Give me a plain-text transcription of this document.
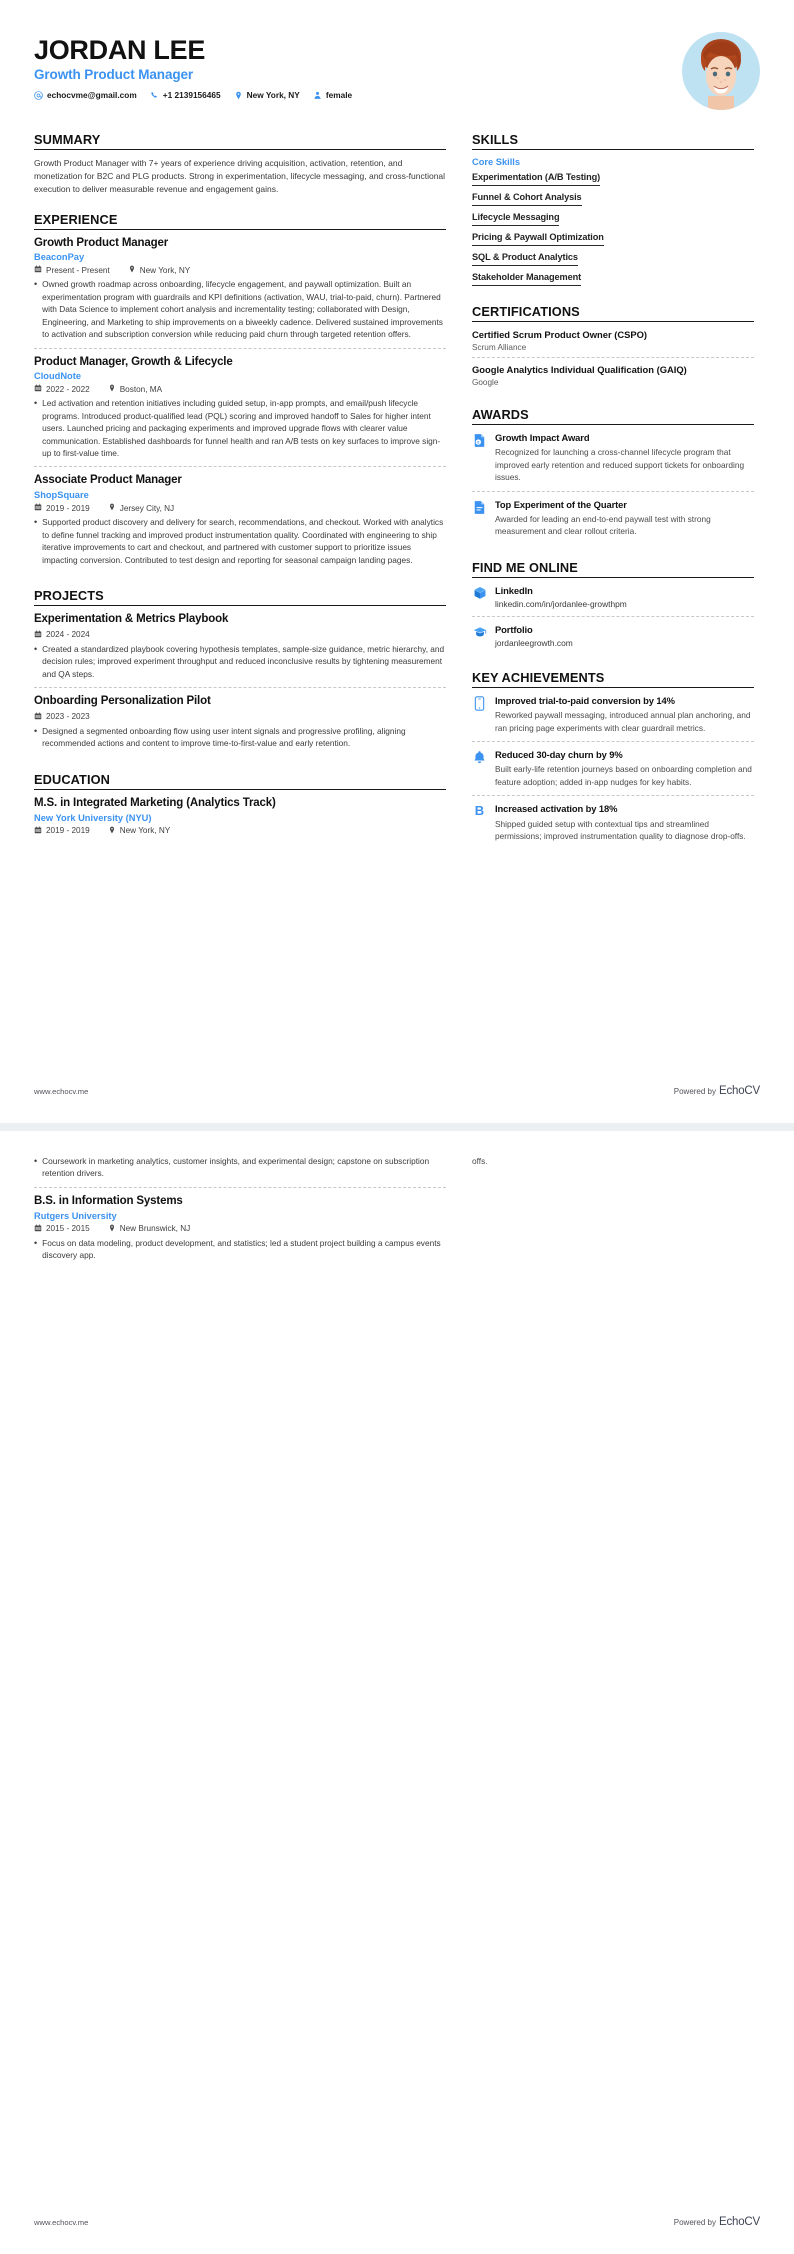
JORDAN LEE
Growth Product Manager
echocvme@gmail.com	+1 2139156465	New York, NY	female
SUMMARY
Growth Product Manager with 7+ years of experience driving acquisition, activation, retention, and monetization for B2C and PLG products. Strong in experimentation, lifecycle messaging, and cross-functional execution to deliver measurable revenue and engagement gains.
EXPERIENCE
Growth Product Manager
BeaconPay
Present - Present	New York, NY
• Owned growth roadmap across onboarding, lifecycle engagement, and paywall optimization. Built an experimentation program with guardrails and KPI definitions (activation, WAU, trial-to-paid, churn). Partnered with Data Science to implement cohort analysis and incrementality testing; collaborated with Design, Engineering, and Marketing to ship improvements on a biweekly cadence. Delivered sustained improvements to activation and subscription conversion while reducing paid churn through targeted retention offers.
Product Manager, Growth & Lifecycle
CloudNote
2022 - 2022	Boston, MA
• Led activation and retention initiatives including guided setup, in-app prompts, and email/push lifecycle programs. Introduced product-qualified lead (PQL) scoring and improved handoff to Sales for higher intent users. Launched pricing and packaging experiments and improved upgrade flows with clearer value communication. Established dashboards for funnel health and ran A/B tests on key surfaces to improve sign-up to first-value time.
Associate Product Manager
ShopSquare
2019 - 2019	Jersey City, NJ
• Supported product discovery and delivery for search, recommendations, and checkout. Worked with analytics to define funnel tracking and improved product instrumentation quality. Coordinated with engineering to ship iterative improvements to cart and checkout, and partnered with customer support to prioritize issues impacting conversion. Contributed to test design and reporting for seasonal campaign landing pages.
PROJECTS
Experimentation & Metrics Playbook
2024 - 2024
• Created a standardized playbook covering hypothesis templates, sample-size guidance, metric hierarchy, and decision rules; improved experiment throughput and reduced inconclusive results by tightening measurement and QA steps.
Onboarding Personalization Pilot
2023 - 2023
• Designed a segmented onboarding flow using user intent signals and progressive profiling, aligning recommended actions and content to improve time-to-first-value and early retention.
EDUCATION
M.S. in Integrated Marketing (Analytics Track)
New York University (NYU)
2019 - 2019	New York, NY
SKILLS
Core Skills
Experimentation (A/B Testing)
Funnel & Cohort Analysis
Lifecycle Messaging
Pricing & Paywall Optimization
SQL & Product Analytics
Stakeholder Management
CERTIFICATIONS
Certified Scrum Product Owner (CSPO)
Scrum Alliance
Google Analytics Individual Qualification (GAIQ)
Google
AWARDS
€ Growth Impact Award
Recognized for launching a cross-channel lifecycle program that improved early retention and reduced support tickets for onboarding issues.
Top Experiment of the Quarter
Awarded for leading an end-to-end paywall test with strong measurement and clear rollout criteria.
FIND ME ONLINE
LinkedIn
linkedin.com/in/jordanlee-growthpm
Portfolio
jordanleegrowth.com
KEY ACHIEVEMENTS
Improved trial-to-paid conversion by 14%
Reworked paywall messaging, introduced annual plan anchoring, and ran pricing page experiments with clear guardrail metrics.
Reduced 30-day churn by 9%
Built early-life retention journeys based on onboarding completion and feature adoption; added in-app nudges for key habits.
B Increased activation by 18%
Shipped guided setup with contextual tips and streamlined permissions; improved instrumentation quality to diagnose drop-offs.
www.echocv.me	Powered by EchoCV
• Coursework in marketing analytics, customer insights, and experimental design; capstone on subscription retention drivers.
B.S. in Information Systems
Rutgers University
2015 - 2015	New Brunswick, NJ
• Focus on data modeling, product development, and statistics; led a student project building a campus events discovery app.
offs.
www.echocv.me	Powered by EchoCV
